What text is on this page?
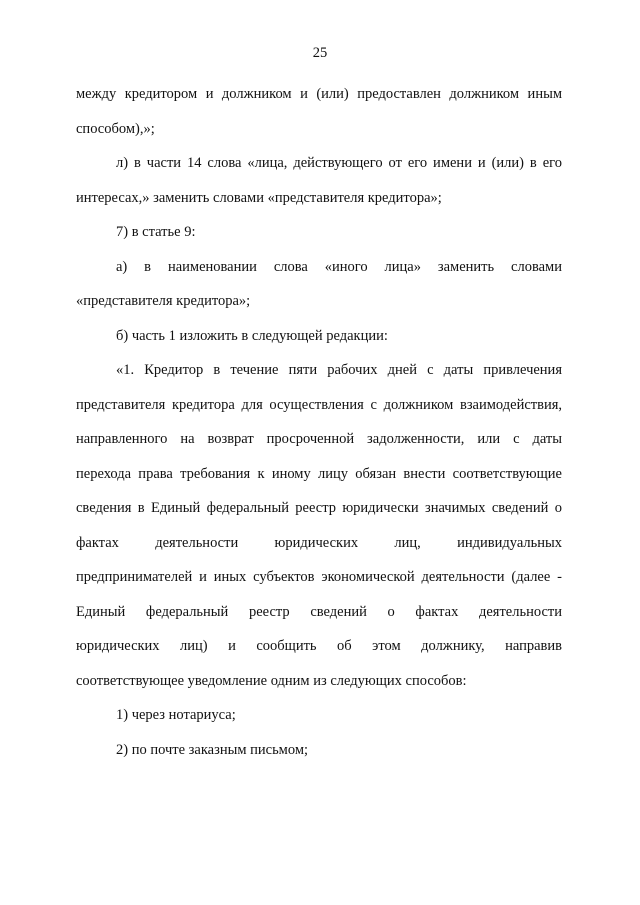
25

между кредитором и должником и (или) предоставлен должником иным

способом),»;

л) в части 14 слова «лица, действующего от его имени и (или) в его

интересах,» заменить словами «представителя кредитора»;

7) в статье 9:

а) в наименовании слова «иного лица» заменить словами

«представителя кредитора»;

б) часть 1 изложить в следующей редакции:

«1. Кредитор в течение пяти рабочих дней с даты привлечения

представителя кредитора для осуществления с должником взаимодействия,

направленного на возврат просроченной задолженности, или с даты

перехода права требования к иному лицу обязан внести соответствующие

сведения в Единый федеральный реестр юридически значимых сведений о

фактах деятельности юридических лиц, индивидуальных

предпринимателей и иных субъектов экономической деятельности (далее -

Единый федеральный реестр сведений о фактах деятельности

юридических лиц) и сообщить об этом должнику, направив

соответствующее уведомление одним из следующих способов:

1) через нотариуса;

2) по почте заказным письмом;
